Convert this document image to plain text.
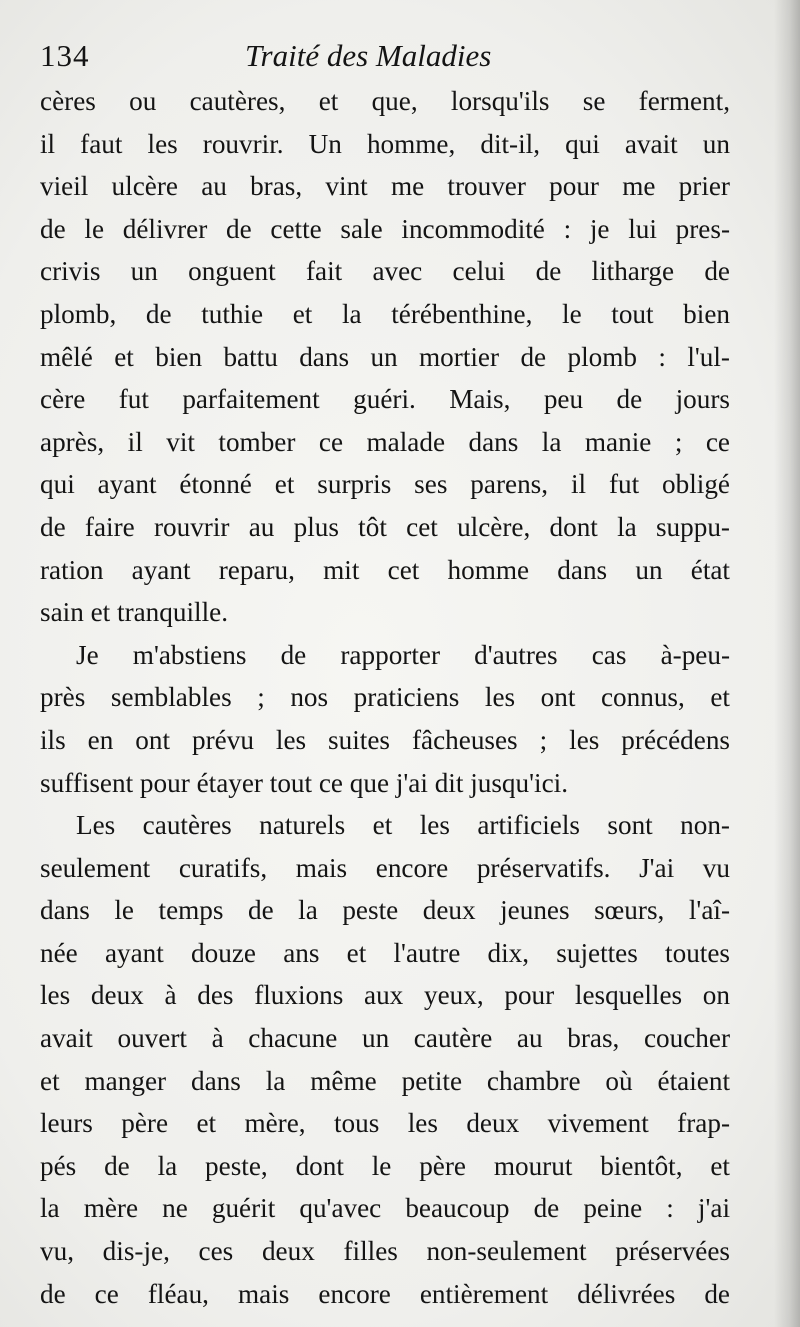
134	Traité des Maladies
cères ou cautères, et que, lorsqu'ils se ferment,
il faut les rouvrir. Un homme, dit-il, qui avait un
vieil ulcère au bras, vint me trouver pour me prier
de le délivrer de cette sale incommodité : je lui pres-
crivis un onguent fait avec celui de litharge de
plomb, de tuthie et la térébenthine, le tout bien
mêlé et bien battu dans un mortier de plomb : l'ul-
cère fut parfaitement guéri. Mais, peu de jours
après, il vit tomber ce malade dans la manie ; ce
qui ayant étonné et surpris ses parens, il fut obligé
de faire rouvrir au plus tôt cet ulcère, dont la suppu-
ration ayant reparu, mit cet homme dans un état
sain et tranquille.
Je m'abstiens de rapporter d'autres cas à-peu-
près semblables ; nos praticiens les ont connus, et
ils en ont prévu les suites fâcheuses ; les précédens
suffisent pour étayer tout ce que j'ai dit jusqu'ici.
Les cautères naturels et les artificiels sont non-
seulement curatifs, mais encore préservatifs. J'ai vu
dans le temps de la peste deux jeunes sœurs, l'aî-
née ayant douze ans et l'autre dix, sujettes toutes
les deux à des fluxions aux yeux, pour lesquelles on
avait ouvert à chacune un cautère au bras, coucher
et manger dans la même petite chambre où étaient
leurs père et mère, tous les deux vivement frap-
pés de la peste, dont le père mourut bientôt, et
la mère ne guérit qu'avec beaucoup de peine : j'ai
vu, dis-je, ces deux filles non-seulement préservées
de ce fléau, mais encore entièrement délivrées de
